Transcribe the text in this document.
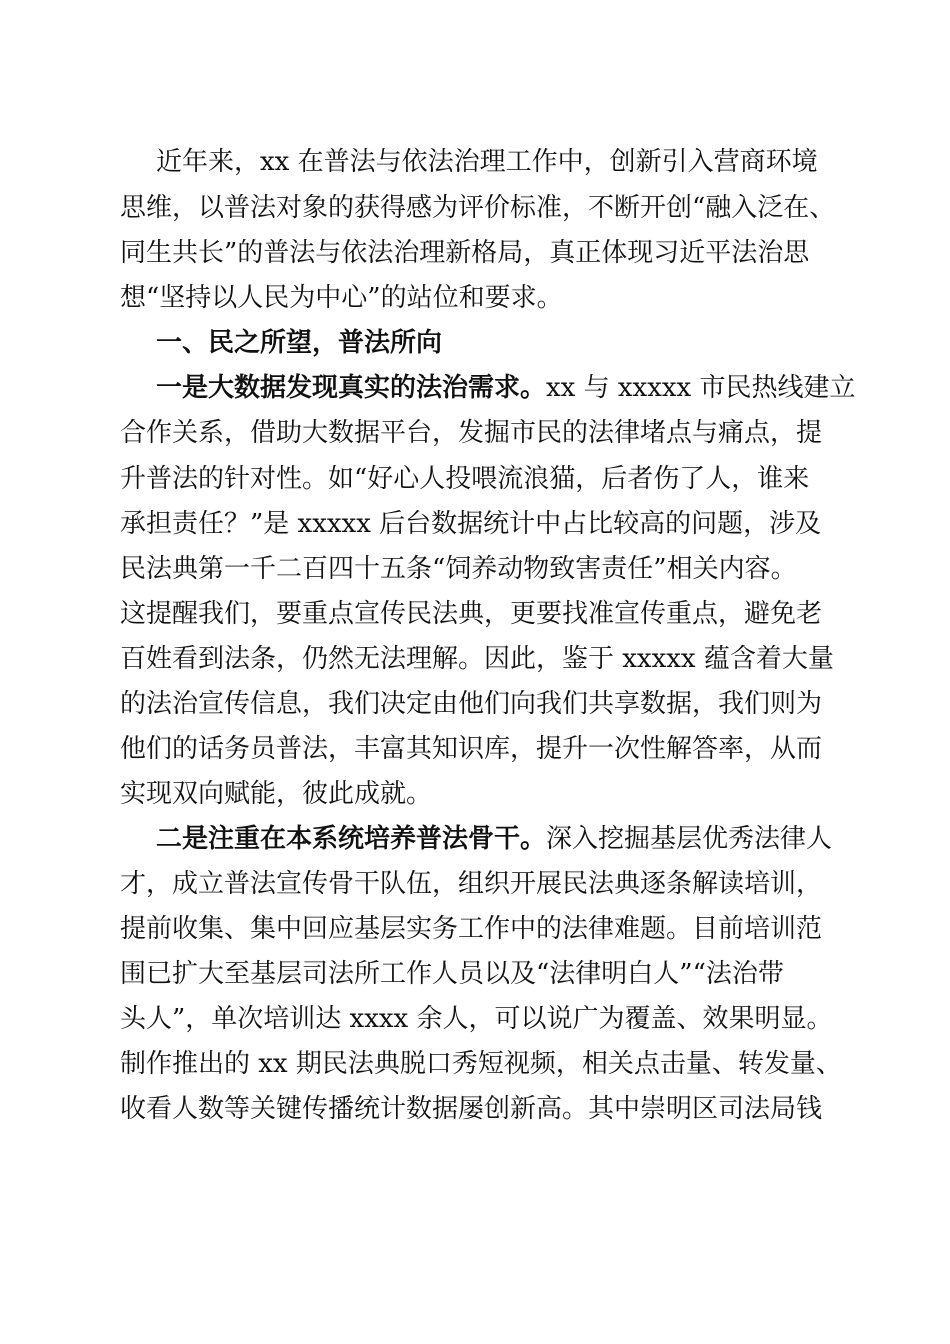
近年来，xx 在普法与依法治理工作中，创新引入营商环境
思维，以普法对象的获得感为评价标准，不断开创“融入泛在、
同生共长”的普法与依法治理新格局，真正体现习近平法治思
想“坚持以人民为中心”的站位和要求。
一、民之所望，普法所向
一是大数据发现真实的法治需求。xx 与 xxxxx 市民热线建立
合作关系，借助大数据平台，发掘市民的法律堵点与痛点，提
升普法的针对性。如“好心人投喂流浪猫，后者伤了人，谁来
承担责任？”是 xxxxx 后台数据统计中占比较高的问题，涉及
民法典第一千二百四十五条“饲养动物致害责任”相关内容。
这提醒我们，要重点宣传民法典，更要找准宣传重点，避免老
百姓看到法条，仍然无法理解。因此，鉴于 xxxxx 蕴含着大量
的法治宣传信息，我们决定由他们向我们共享数据，我们则为
他们的话务员普法，丰富其知识库，提升一次性解答率，从而
实现双向赋能，彼此成就。
二是注重在本系统培养普法骨干。深入挖掘基层优秀法律人
才，成立普法宣传骨干队伍，组织开展民法典逐条解读培训，
提前收集、集中回应基层实务工作中的法律难题。目前培训范
围已扩大至基层司法所工作人员以及“法律明白人”“法治带
头人”，单次培训达 xxxx 余人，可以说广为覆盖、效果明显。
制作推出的 xx 期民法典脱口秀短视频，相关点击量、转发量、
收看人数等关键传播统计数据屡创新高。其中崇明区司法局钱
